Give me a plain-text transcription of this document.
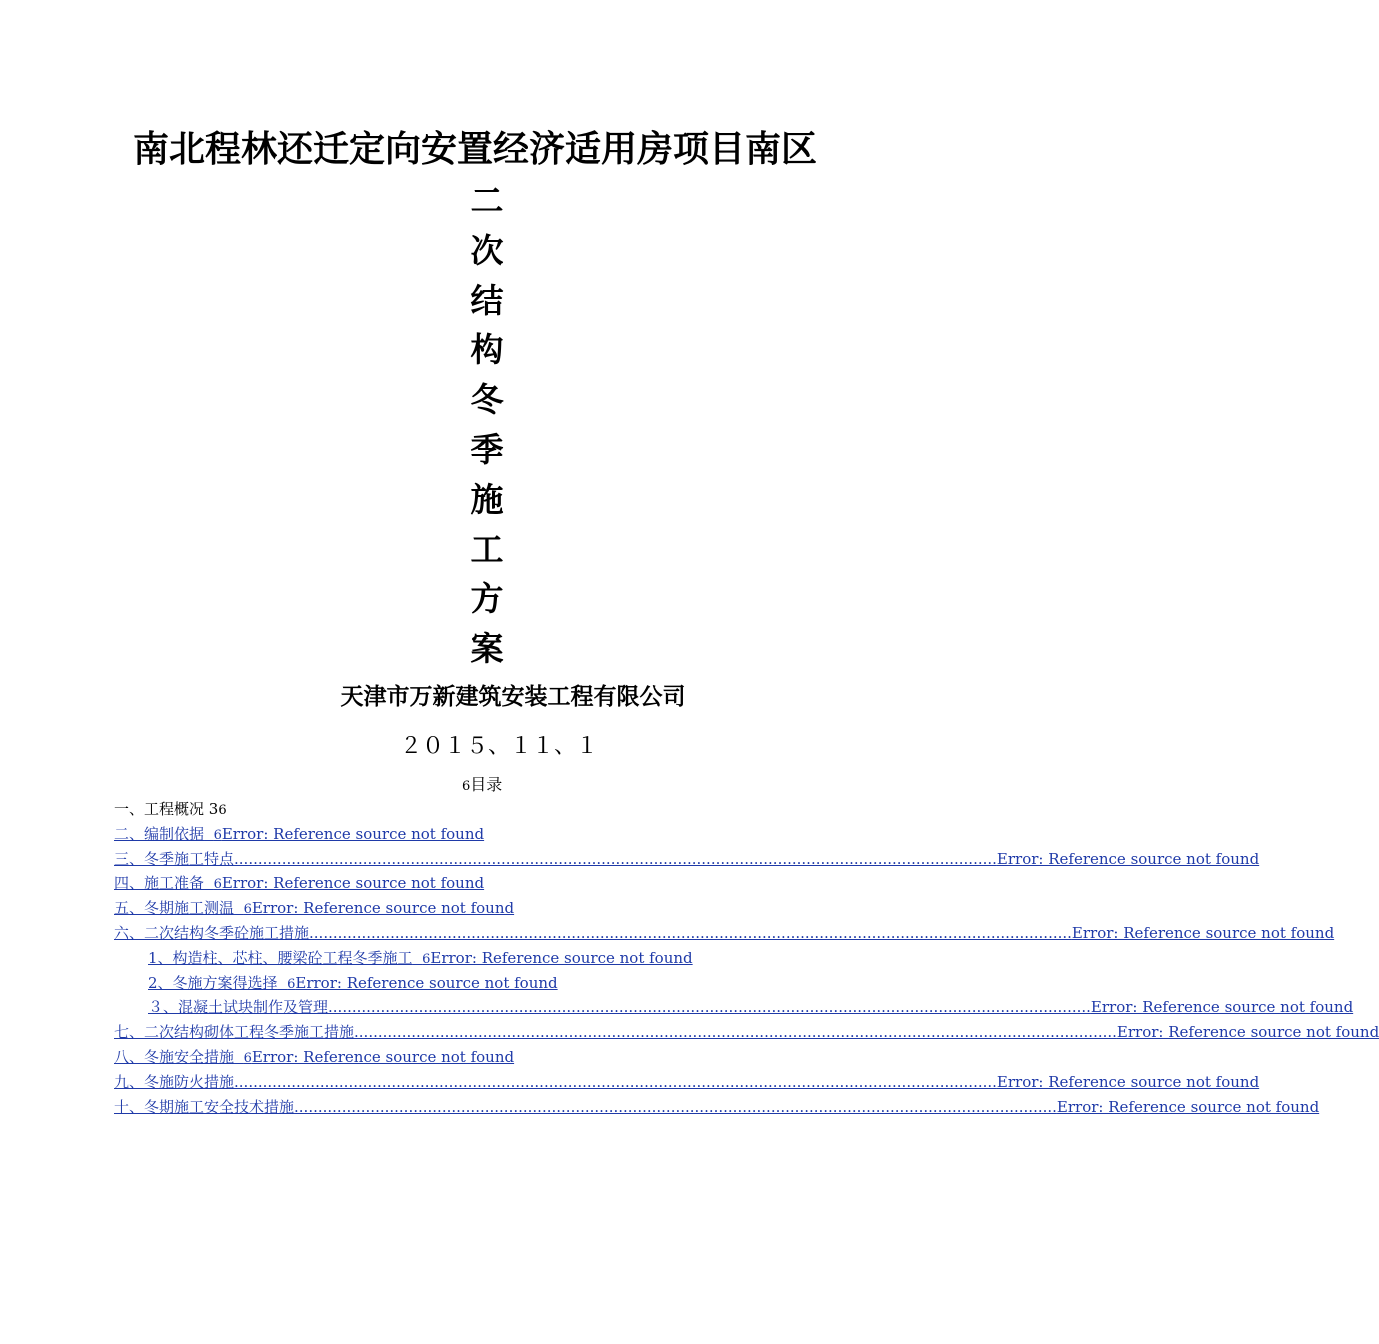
南北程林还迁定向安置经济适用房项目南区
二
次
结
构
冬
季
施
工
方
案
天津市万新建筑安装工程有限公司
２０１５、１１、１
6目录
一、工程概况 36
二、编制依据 6Error: Reference source not found
三、冬季施工特点 ................................................................................................................................................................ Error: Reference source not found
四、施工准备 6Error: Reference source not found
五、冬期施工测温 6Error: Reference source not found
六、二次结构冬季砼施工措施 ................................................................................................................................................................ Error: Reference source not found
1、构造柱、芯柱、腰梁砼工程冬季施工 6Error: Reference source not found
2、冬施方案得选择 6Error: Reference source not found
３、混凝土试块制作及管理 ................................................................................................................................................................ Error: Reference source not found
七、二次结构砌体工程冬季施工措施 ................................................................................................................................................................ Error: Reference source not found
八、冬施安全措施 6Error: Reference source not found
九、冬施防火措施 ................................................................................................................................................................ Error: Reference source not found
十、冬期施工安全技术措施 ................................................................................................................................................................ Error: Reference source not found
